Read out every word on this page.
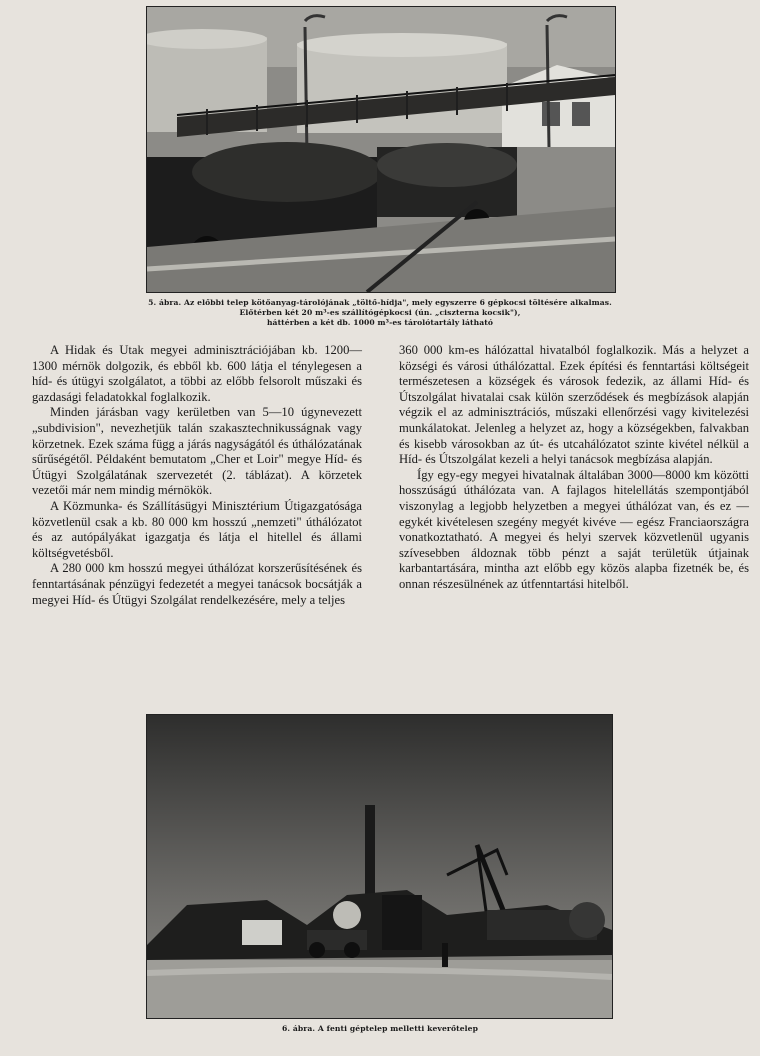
5. ábra. Az előbbi telep kötőanyag-tárolójának „töltő-hídja", mely egyszerre 6 gépkocsi töltésére alkalmas.
Előtérben két 20 m³-es szállítógépkocsi (ún. „ciszterna kocsik"),
háttérben a két db. 1000 m³-es tárolótartály látható

A Hidak és Utak megyei adminisztrációjában kb. 1200—1300 mérnök dolgozik, és ebből kb. 600 látja el ténylegesen a híd- és útügyi szolgálatot, a többi az előbb felsorolt műszaki és gazdasági feladatokkal foglalkozik.

Minden járásban vagy kerületben van 5—10 úgynevezett „subdivision", nevezhetjük talán szakasztechnikusságnak vagy körzetnek. Ezek száma függ a járás nagyságától és úthálózatának sűrűségétől. Példaként bemutatom „Cher et Loir" megye Híd- és Útügyi Szolgálatának szervezetét (2. táblázat). A körzetek vezetői már nem mindig mérnökök.

A Közmunka- és Szállításügyi Minisztérium Útigazgatósága közvetlenül csak a kb. 80 000 km hosszú „nemzeti" úthálózatot és az autópályákat igazgatja és látja el hitellel és állami költségvetésből.

A 280 000 km hosszú megyei úthálózat korszerűsítésének és fenntartásának pénzügyi fedezetét a megyei tanácsok bocsátják a megyei Híd- és Útügyi Szolgálat rendelkezésére, mely a teljes

360 000 km-es hálózattal hivatalból foglalkozik. Más a helyzet a községi és városi úthálózattal. Ezek építési és fenntartási költségeit természetesen a községek és városok fedezik, az állami Híd- és Útszolgálat hivatalai csak külön szerződések és megbízások alapján végzik el az adminisztrációs, műszaki ellenőrzési vagy kivitelezési munkálatokat. Jelenleg a helyzet az, hogy a községekben, falvakban és kisebb városokban az út- és utcahálózatot szinte kivétel nélkül a Híd- és Útszolgálat kezeli a helyi tanácsok megbízása alapján.

Így egy-egy megyei hivatalnak általában 3000—8000 km közötti hosszúságú úthálózata van. A fajlagos hitelellátás szempontjából viszonylag a legjobb helyzetben a megyei úthálózat van, és ez — egykét kivételesen szegény megyét kivéve — egész Franciaországra vonatkoztatható. A megyei és helyi szervek közvetlenül ugyanis szívesebben áldoznak több pénzt a saját területük útjainak karbantartására, mintha azt előbb egy közös alapba fizetnék be, és onnan részesülnének az útfenntartási hitelből.

6. ábra. A fenti géptelep melletti keverőtelep
